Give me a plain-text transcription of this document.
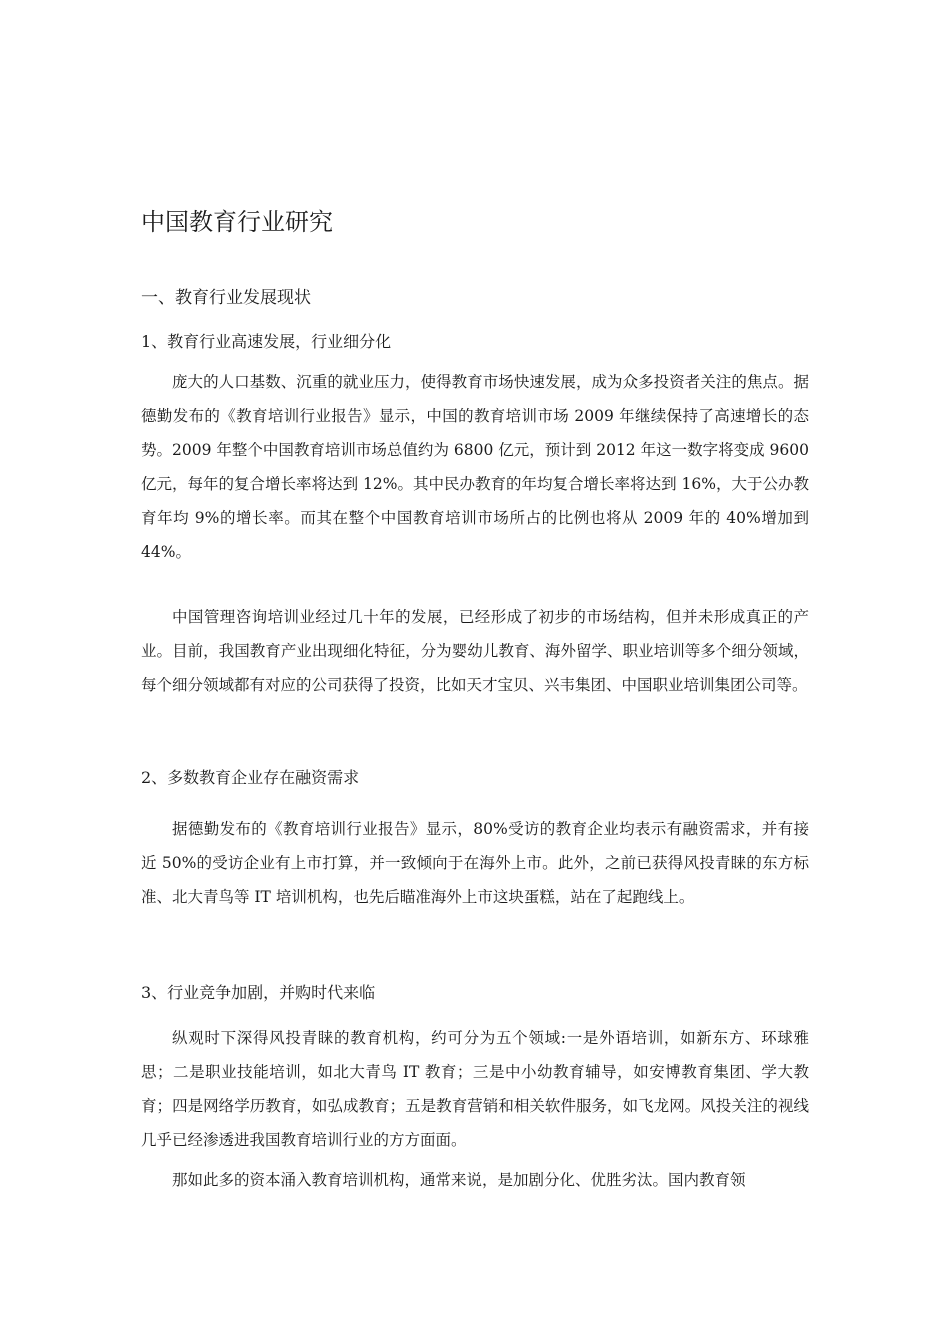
中国教育行业研究
一、教育行业发展现状
1、教育行业高速发展，行业细分化

庞大的人口基数、沉重的就业压力，使得教育市场快速发展，成为众多投资者关注的焦点。据德勤发布的《教育培训行业报告》显示，中国的教育培训市场 2009 年继续保持了高速增长的态势。2009 年整个中国教育培训市场总值约为 6800 亿元，预计到 2012 年这一数字将变成 9600 亿元，每年的复合增长率将达到 12%。其中民办教育的年均复合增长率将达到 16%，大于公办教育年均 9%的增长率。而其在整个中国教育培训市场所占的比例也将从 2009 年的 40%增加到 44%。

中国管理咨询培训业经过几十年的发展，已经形成了初步的市场结构，但并未形成真正的产业。目前，我国教育产业出现细化特征，分为婴幼儿教育、海外留学、职业培训等多个细分领域，每个细分领域都有对应的公司获得了投资，比如天才宝贝、兴韦集团、中国职业培训集团公司等。

2、多数教育企业存在融资需求

据德勤发布的《教育培训行业报告》显示，80%受访的教育企业均表示有融资需求，并有接近 50%的受访企业有上市打算，并一致倾向于在海外上市。此外，之前已获得风投青睐的东方标准、北大青鸟等 IT 培训机构，也先后瞄准海外上市这块蛋糕，站在了起跑线上。

3、行业竞争加剧，并购时代来临

纵观时下深得风投青睐的教育机构，约可分为五个领域:一是外语培训，如新东方、环球雅思；二是职业技能培训，如北大青鸟 IT 教育；三是中小幼教育辅导，如安博教育集团、学大教育；四是网络学历教育，如弘成教育；五是教育营销和相关软件服务，如飞龙网。风投关注的视线几乎已经渗透进我国教育培训行业的方方面面。

那如此多的资本涌入教育培训机构，通常来说，是加剧分化、优胜劣汰。国内教育领
